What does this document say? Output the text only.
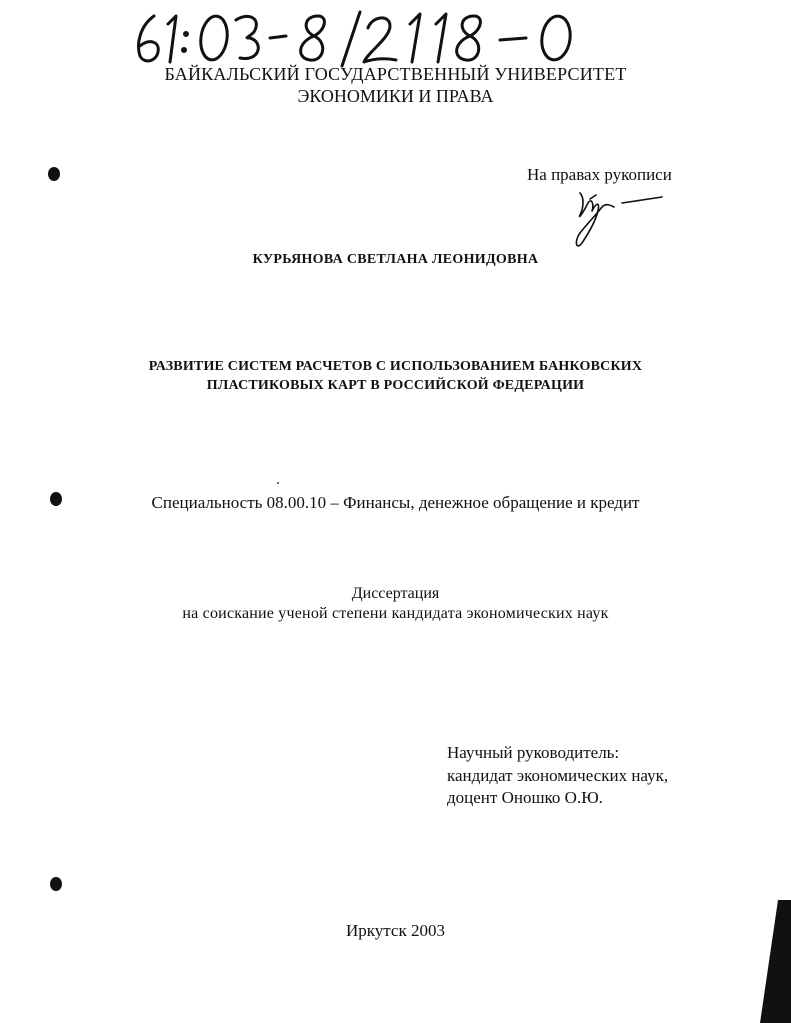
БАЙКАЛЬСКИЙ ГОСУДАРСТВЕННЫЙ УНИВЕРСИТЕТ
ЭКОНОМИКИ И ПРАВА
На правах рукописи
КУРЬЯНОВА СВЕТЛАНА ЛЕОНИДОВНА
РАЗВИТИЕ СИСТЕМ РАСЧЕТОВ С ИСПОЛЬЗОВАНИЕМ БАНКОВСКИХ
ПЛАСТИКОВЫХ КАРТ В РОССИЙСКОЙ ФЕДЕРАЦИИ
Специальность 08.00.10 – Финансы, денежное обращение и кредит
Диссертация
на соискание ученой степени кандидата экономических наук
Научный руководитель:
кандидат экономических наук,
доцент Оношко О.Ю.
Иркутск 2003
